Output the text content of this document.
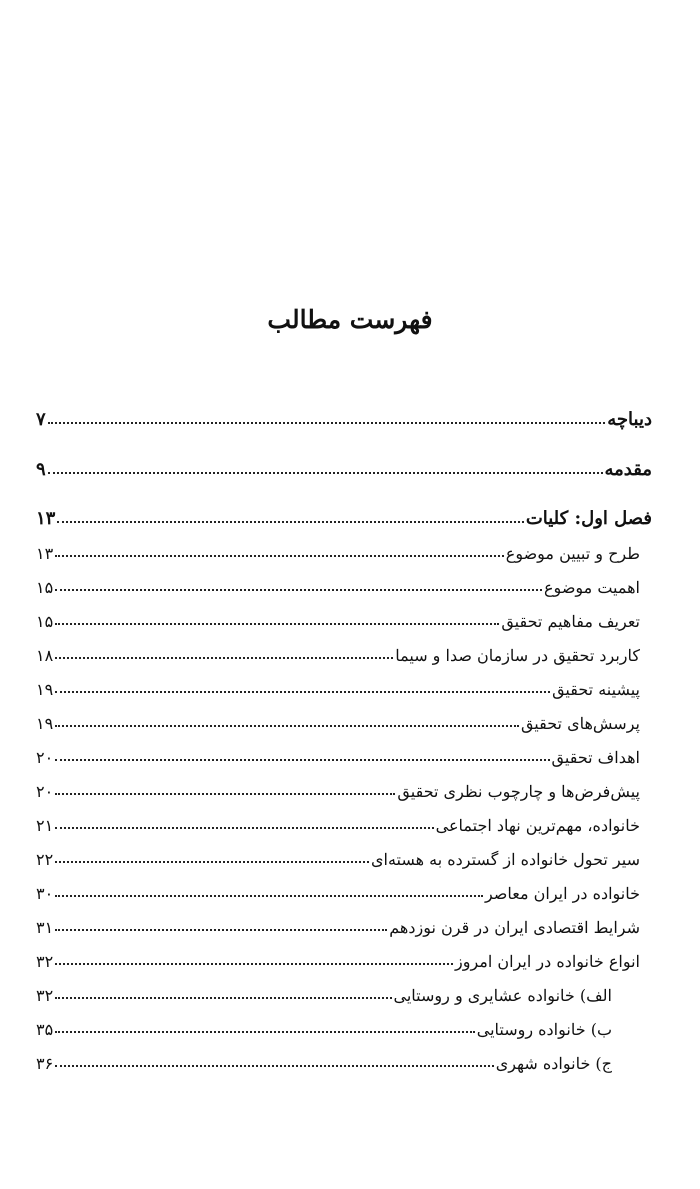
فهرست مطالب
دیباچه
۷
مقدمه
۹
فصل اول: کلیات
۱۳
طرح و تبیین موضوع
۱۳
اهمیت موضوع
۱۵
تعریف مفاهیم تحقیق
۱۵
کاربرد تحقیق در سازمان صدا و سیما
۱۸
پیشینه تحقیق
۱۹
پرسش‌های تحقیق
۱۹
اهداف تحقیق
۲۰
پیش‌فرض‌ها و چارچوب نظری تحقیق
۲۰
خانواده، مهم‌ترین نهاد اجتماعی
۲۱
سیر تحول خانواده از گسترده به هسته‌ای
۲۲
خانواده در ایران معاصر
۳۰
شرایط اقتصادی ایران در قرن نوزدهم
۳۱
انواع خانواده در ایران امروز
۳۲
الف) خانواده عشایری و روستایی
۳۲
ب) خانواده روستایی
۳۵
ج) خانواده شهری
۳۶
